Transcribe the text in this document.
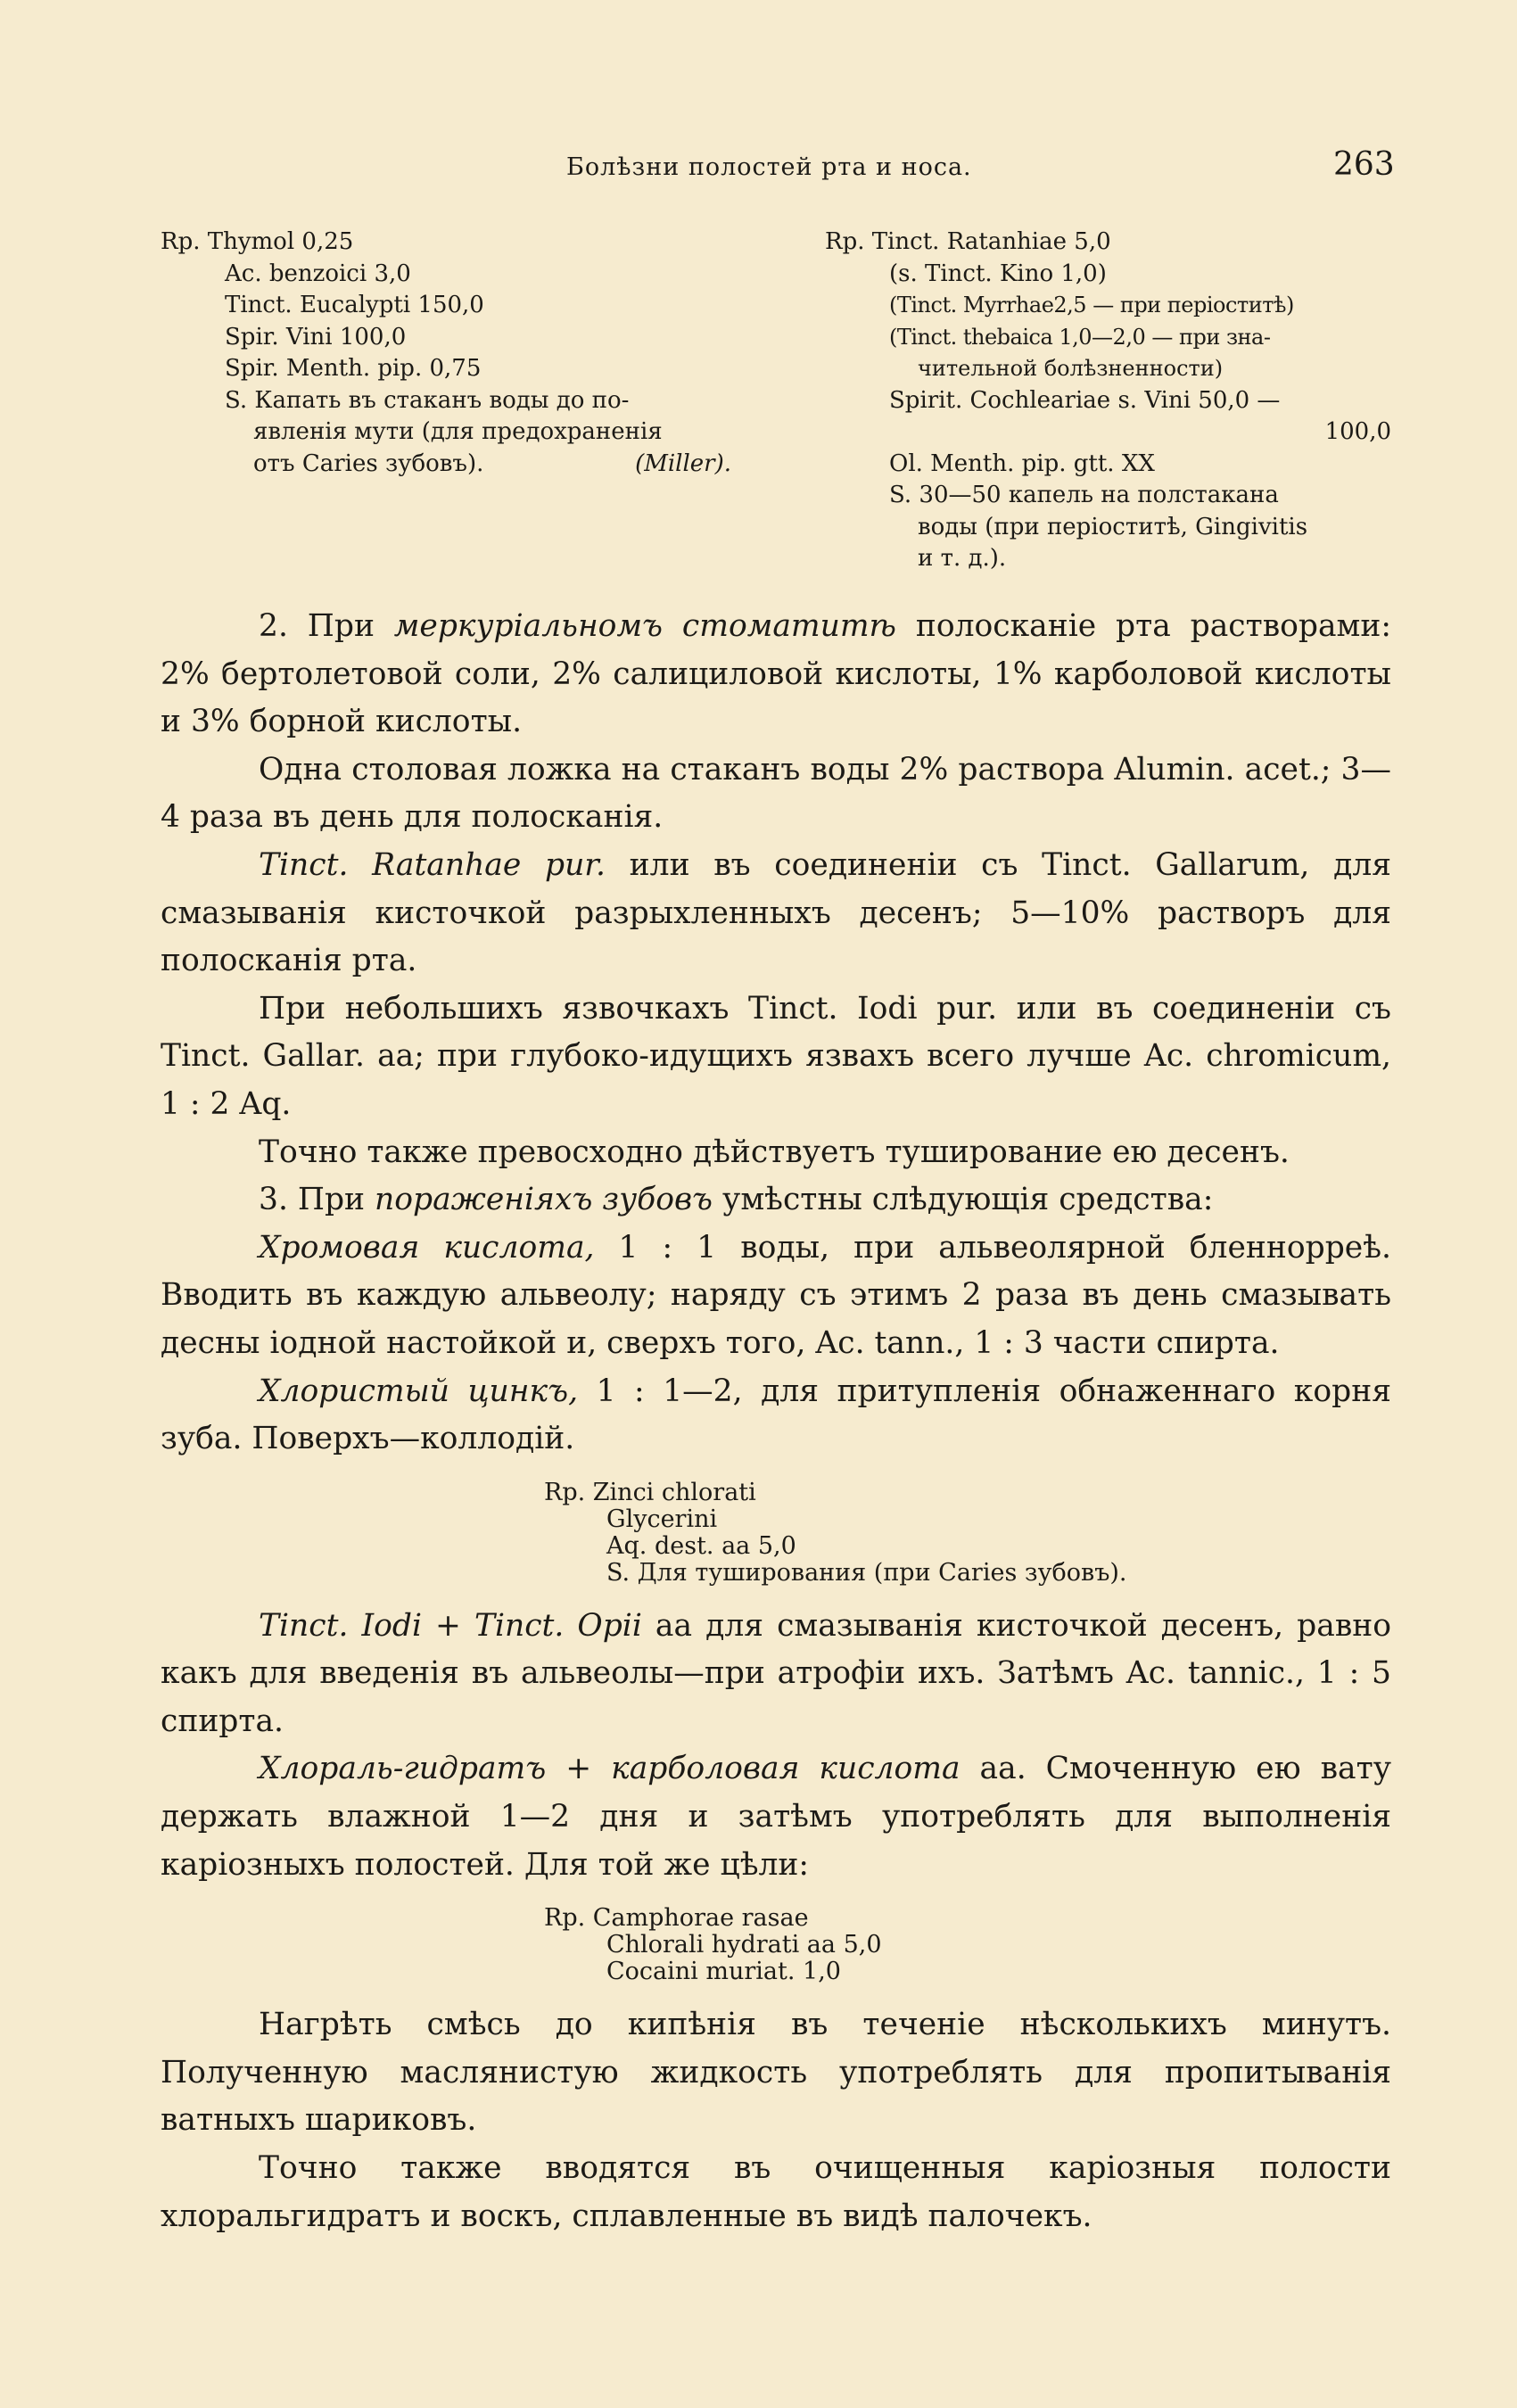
Болѣзни полостей рта и носа.	263
Rp. Thymol 0,25
Ac. benzoici 3,0
Tinct. Eucalypti 150,0
Spir. Vini 100,0
Spir. Menth. pip. 0,75
S. Капать въ стаканъ воды до по-
явленія мути (для предохраненія
отъ Caries зубовъ).	(Miller).
Rp. Tinct. Ratanhiae 5,0
(s. Tinct. Kino 1,0)
(Tinct. Myrrhae2,5 — при періоститѣ)
(Tinct. thebaica 1,0—2,0 — при зна-
чительной болѣзненности)
Spirit. Cochleariae s. Vini 50,0 —
100,0
Ol. Menth. pip. gtt. XX
S. 30—50 капель на полстакана
воды (при періоститѣ, Gingivitis
и т. д.).

2. При меркуріальномъ стоматитѣ полосканіе рта растворами: 2% бертолетовой соли, 2% салициловой кислоты, 1% карболовой кислоты и 3% борной кислоты.

Одна столовая ложка на стаканъ воды 2% раствора Alumin. acet.; 3—4 раза въ день для полосканія.

Tinct. Ratanhae pur. или въ соединеніи съ Tinct. Gallarum, для смазыванія кисточкой разрыхленныхъ десенъ; 5—10% растворъ для полосканія рта.

При небольшихъ язвочкахъ Tinct. Iodi pur. или въ соединеніи съ Tinct. Gallar. aa; при глубоко-идущихъ язвахъ всего лучше Ac. chromicum, 1 : 2 Aq.

Точно также превосходно дѣйствуетъ туширование ею десенъ.

3. При пораженіяхъ зубовъ умѣстны слѣдующія средства:

Хромовая кислота, 1 : 1 воды, при альвеолярной бленнорреѣ. Вводить въ каждую альвеолу; наряду съ этимъ 2 раза въ день смазывать десны іодной настойкой и, сверхъ того, Ac. tann., 1 : 3 части спирта.

Хлористый цинкъ, 1 : 1—2, для притупленія обнаженнаго корня зуба. Поверхъ—коллодій.

Rp. Zinci chlorati
Glycerini
Aq. dest. aa 5,0
S. Для туширования (при Caries зубовъ).

Tinct. Iodi + Tinct. Opii aa для смазыванія кисточкой десенъ, равно какъ для введенія въ альвеолы—при атрофіи ихъ. Затѣмъ Ac. tannic., 1 : 5 спирта.

Хлораль-гидратъ + карболовая кислота aa. Смоченную ею вату держать влажной 1—2 дня и затѣмъ употреблять для выполненія каріозныхъ полостей. Для той же цѣли:

Rp. Camphorae rasae
Chlorali hydrati aa 5,0
Cocaini muriat. 1,0

Нагрѣть смѣсь до кипѣнія въ теченіе нѣсколькихъ минутъ. Полученную маслянистую жидкость употреблять для пропитыванія ватныхъ шариковъ.

Точно также вводятся въ очищенныя каріозныя полости хлоральгидратъ и воскъ, сплавленные въ видѣ палочекъ.
